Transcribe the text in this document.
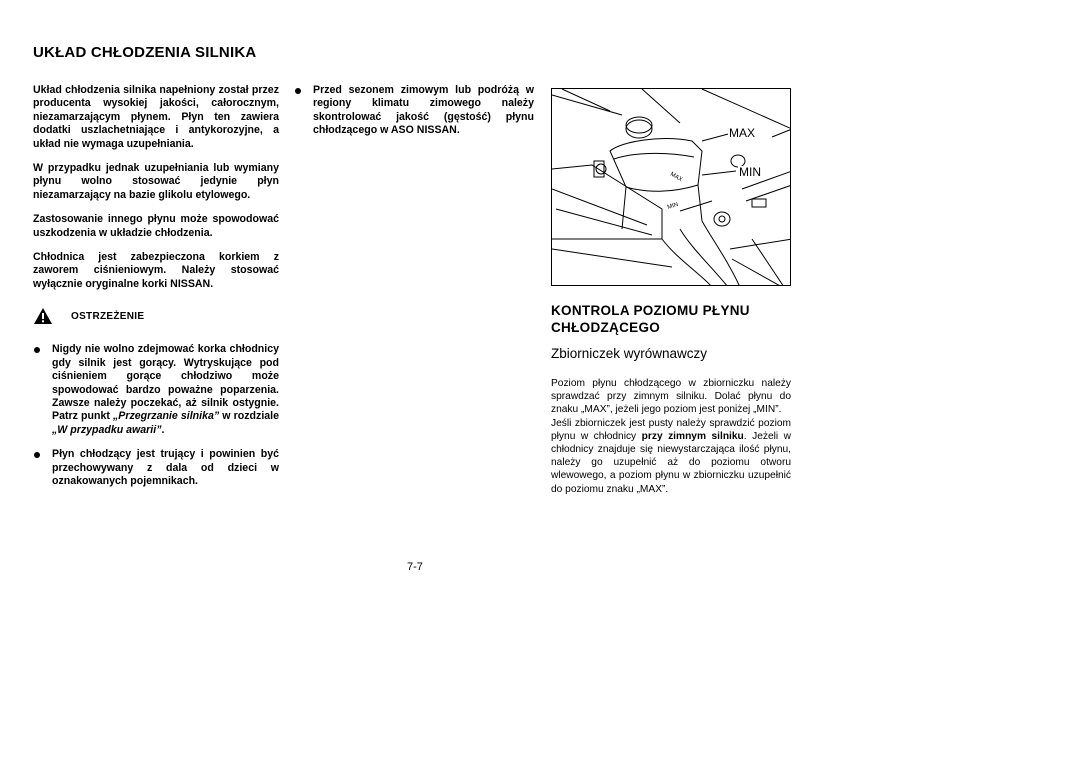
UKŁAD CHŁODZENIA SILNIKA

Układ chłodzenia silnika napełniony został przez producenta wysokiej jakości, całorocznym, niezamarzającym płynem. Płyn ten zawiera dodatki uszlachetniające i antykorozyjne, a układ nie wymaga uzupełniania.

W przypadku jednak uzupełniania lub wymiany płynu wolno stosować jedynie płyn niezamarzający na bazie glikolu etylowego.

Zastosowanie innego płynu może spowodować uszkodzenia w układzie chłodzenia.

Chłodnica jest zabezpieczona korkiem z zaworem ciśnieniowym. Należy stosować wyłącznie oryginalne korki NISSAN.

OSTRZEŻENIE

Nigdy nie wolno zdejmować korka chłodnicy gdy silnik jest gorący. Wytryskujące pod ciśnieniem gorące chłodziwo może spowodować bardzo poważne poparzenia. Zawsze należy poczekać, aż silnik ostygnie. Patrz punkt „Przegrzanie silnika” w rozdziale „W przypadku awarii”.

Płyn chłodzący jest trujący i powinien być przechowywany z dala od dzieci w oznakowanych pojemnikach.

Przed sezonem zimowym lub podróżą w regiony klimatu zimowego należy skontrolować jakość (gęstość) płynu chłodzącego w ASO NISSAN.

MAX
MIN
MAX
MIN
KONTROLA POZIOMU PŁYNU
CHŁODZĄCEGO
Zbiorniczek wyrównawczy

Poziom płynu chłodzącego w zbiorniczku należy sprawdzać przy zimnym silniku. Dolać płynu do znaku „MAX”, jeżeli jego poziom jest poniżej „MIN”.

Jeśli zbiorniczek jest pusty należy sprawdzić poziom płynu w chłodnicy przy zimnym silniku. Jeżeli w chłodnicy znajduje się niewystarczająca ilość płynu, należy go uzupełnić aż do poziomu otworu wlewowego, a poziom płynu w zbiorniczku uzupełnić do poziomu znaku „MAX”.

7-7
